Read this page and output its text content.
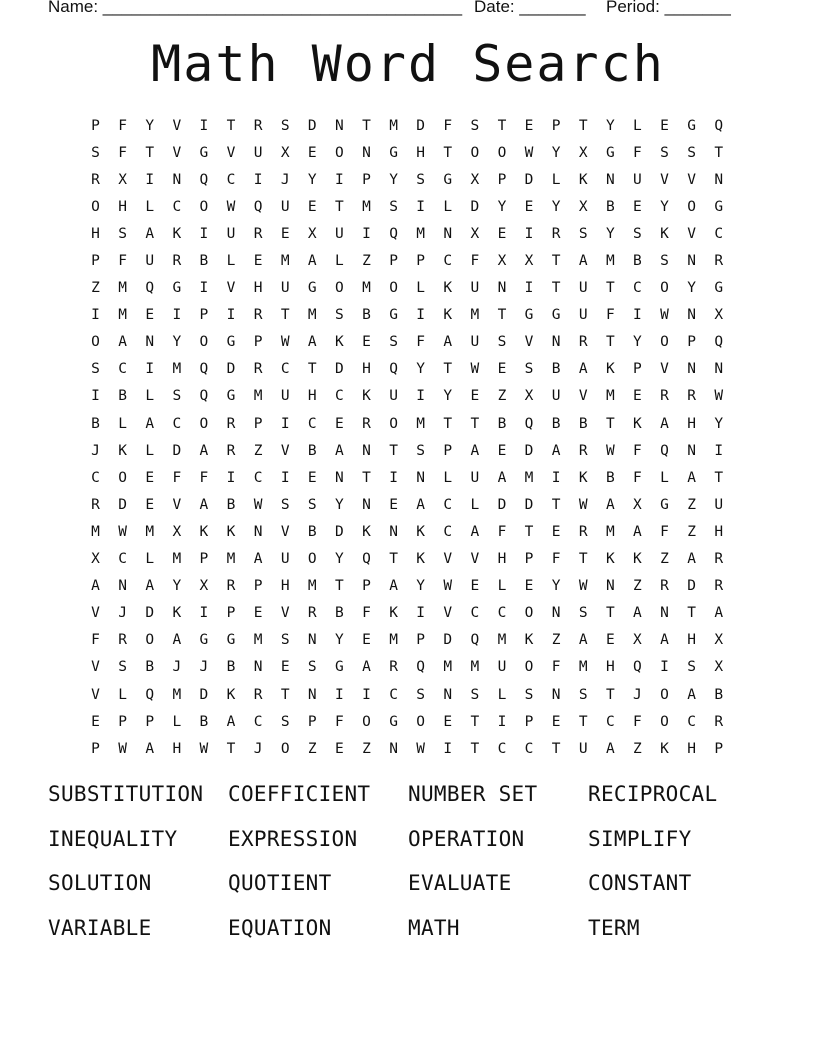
Name: ______________________________________ Date: _______ Period: _______
Math Word Search
P	F	Y	V	I	T	R	S	D	N	T	M	D	F	S	T	E	P	T	Y	L	E	G	Q
S	F	T	V	G	V	U	X	E	O	N	G	H	T	O	O	W	Y	X	G	F	S	S	T
R	X	I	N	Q	C	I	J	Y	I	P	Y	S	G	X	P	D	L	K	N	U	V	V	N
O	H	L	C	O	W	Q	U	E	T	M	S	I	L	D	Y	E	Y	X	B	E	Y	O	G
H	S	A	K	I	U	R	E	X	U	I	Q	M	N	X	E	I	R	S	Y	S	K	V	C
P	F	U	R	B	L	E	M	A	L	Z	P	P	C	F	X	X	T	A	M	B	S	N	R
Z	M	Q	G	I	V	H	U	G	O	M	O	L	K	U	N	I	T	U	T	C	O	Y	G
I	M	E	I	P	I	R	T	M	S	B	G	I	K	M	T	G	G	U	F	I	W	N	X
O	A	N	Y	O	G	P	W	A	K	E	S	F	A	U	S	V	N	R	T	Y	O	P	Q
S	C	I	M	Q	D	R	C	T	D	H	Q	Y	T	W	E	S	B	A	K	P	V	N	N
I	B	L	S	Q	G	M	U	H	C	K	U	I	Y	E	Z	X	U	V	M	E	R	R	W
B	L	A	C	O	R	P	I	C	E	R	O	M	T	T	B	Q	B	B	T	K	A	H	Y
J	K	L	D	A	R	Z	V	B	A	N	T	S	P	A	E	D	A	R	W	F	Q	N	I
C	O	E	F	F	I	C	I	E	N	T	I	N	L	U	A	M	I	K	B	F	L	A	T
R	D	E	V	A	B	W	S	S	Y	N	E	A	C	L	D	D	T	W	A	X	G	Z	U
M	W	M	X	K	K	N	V	B	D	K	N	K	C	A	F	T	E	R	M	A	F	Z	H
X	C	L	M	P	M	A	U	O	Y	Q	T	K	V	V	H	P	F	T	K	K	Z	A	R
A	N	A	Y	X	R	P	H	M	T	P	A	Y	W	E	L	E	Y	W	N	Z	R	D	R
V	J	D	K	I	P	E	V	R	B	F	K	I	V	C	C	O	N	S	T	A	N	T	A
F	R	O	A	G	G	M	S	N	Y	E	M	P	D	Q	M	K	Z	A	E	X	A	H	X
V	S	B	J	J	B	N	E	S	G	A	R	Q	M	M	U	O	F	M	H	Q	I	S	X
V	L	Q	M	D	K	R	T	N	I	I	C	S	N	S	L	S	N	S	T	J	O	A	B
E	P	P	L	B	A	C	S	P	F	O	G	O	E	T	I	P	E	T	C	F	O	C	R
P	W	A	H	W	T	J	O	Z	E	Z	N	W	I	T	C	C	T	U	A	Z	K	H	P
SUBSTITUTION	COEFFICIENT	NUMBER SET	RECIPROCAL
INEQUALITY	EXPRESSION	OPERATION	SIMPLIFY
SOLUTION	QUOTIENT	EVALUATE	CONSTANT
VARIABLE	EQUATION	MATH	TERM
